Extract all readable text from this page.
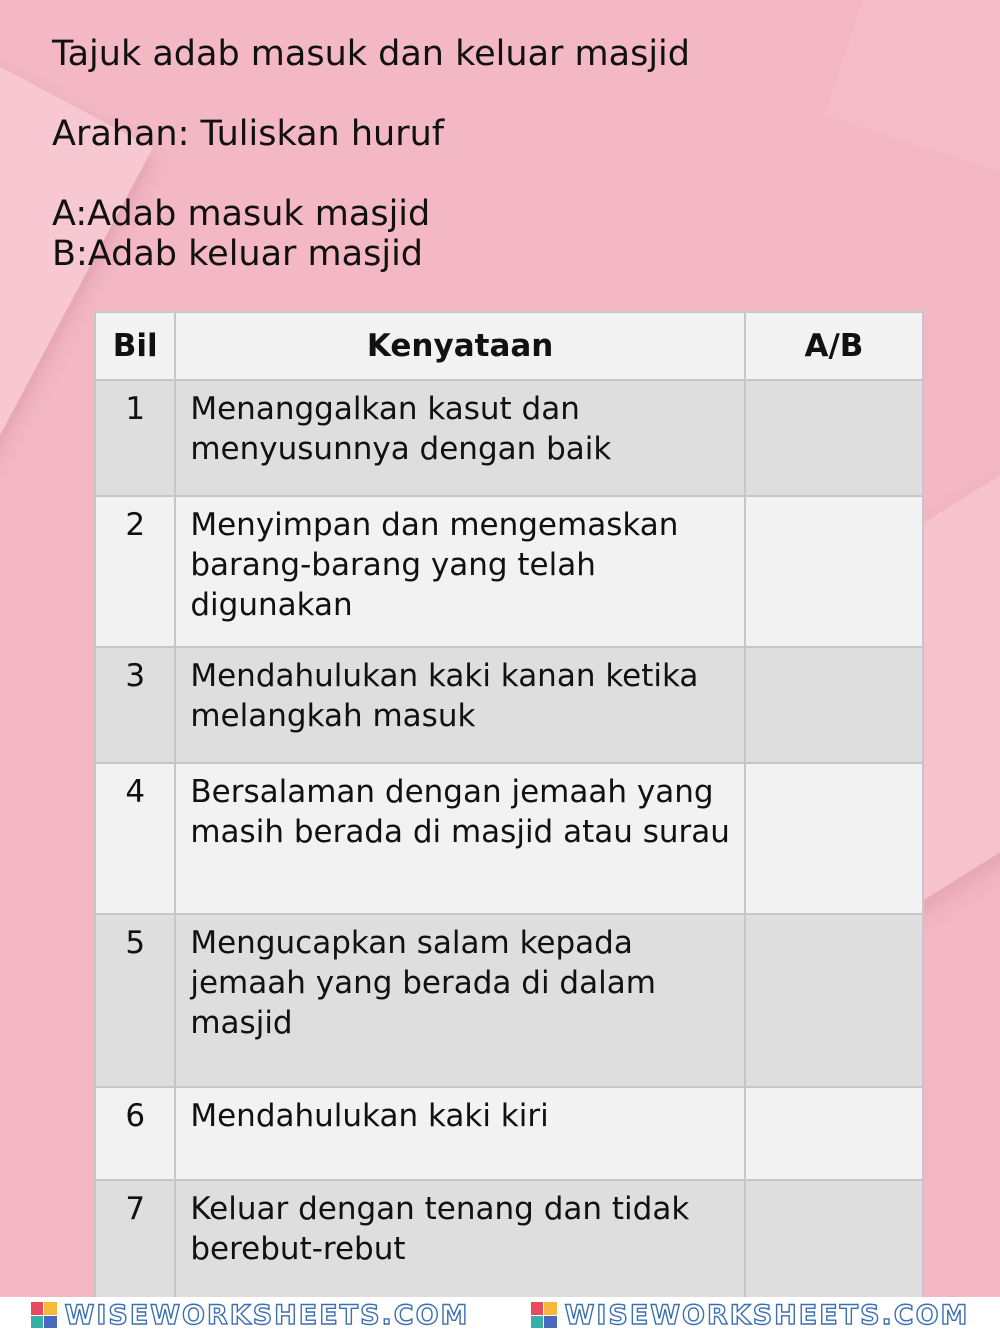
Tajuk adab masuk dan keluar masjid
Arahan: Tuliskan huruf
A:Adab masuk masjid
B:Adab keluar masjid
Bil	Kenyataan	A/B
1	Menanggalkan kasut dan
menyusunnya dengan baik	

2	Menyimpan dan mengemaskan
barang-barang yang telah
digunakan	

3	Mendahulukan kaki kanan ketika
melangkah masuk	

4	Bersalaman dengan jemaah yang
masih berada di masjid atau surau	

5	Mengucapkan salam kepada
jemaah yang berada di dalam
masjid	

6	Mendahulukan kaki kiri	

7	Keluar dengan tenang dan tidak
berebut-rebut	

WISEWORKSHEETS.COM	WISEWORKSHEETS.COM
